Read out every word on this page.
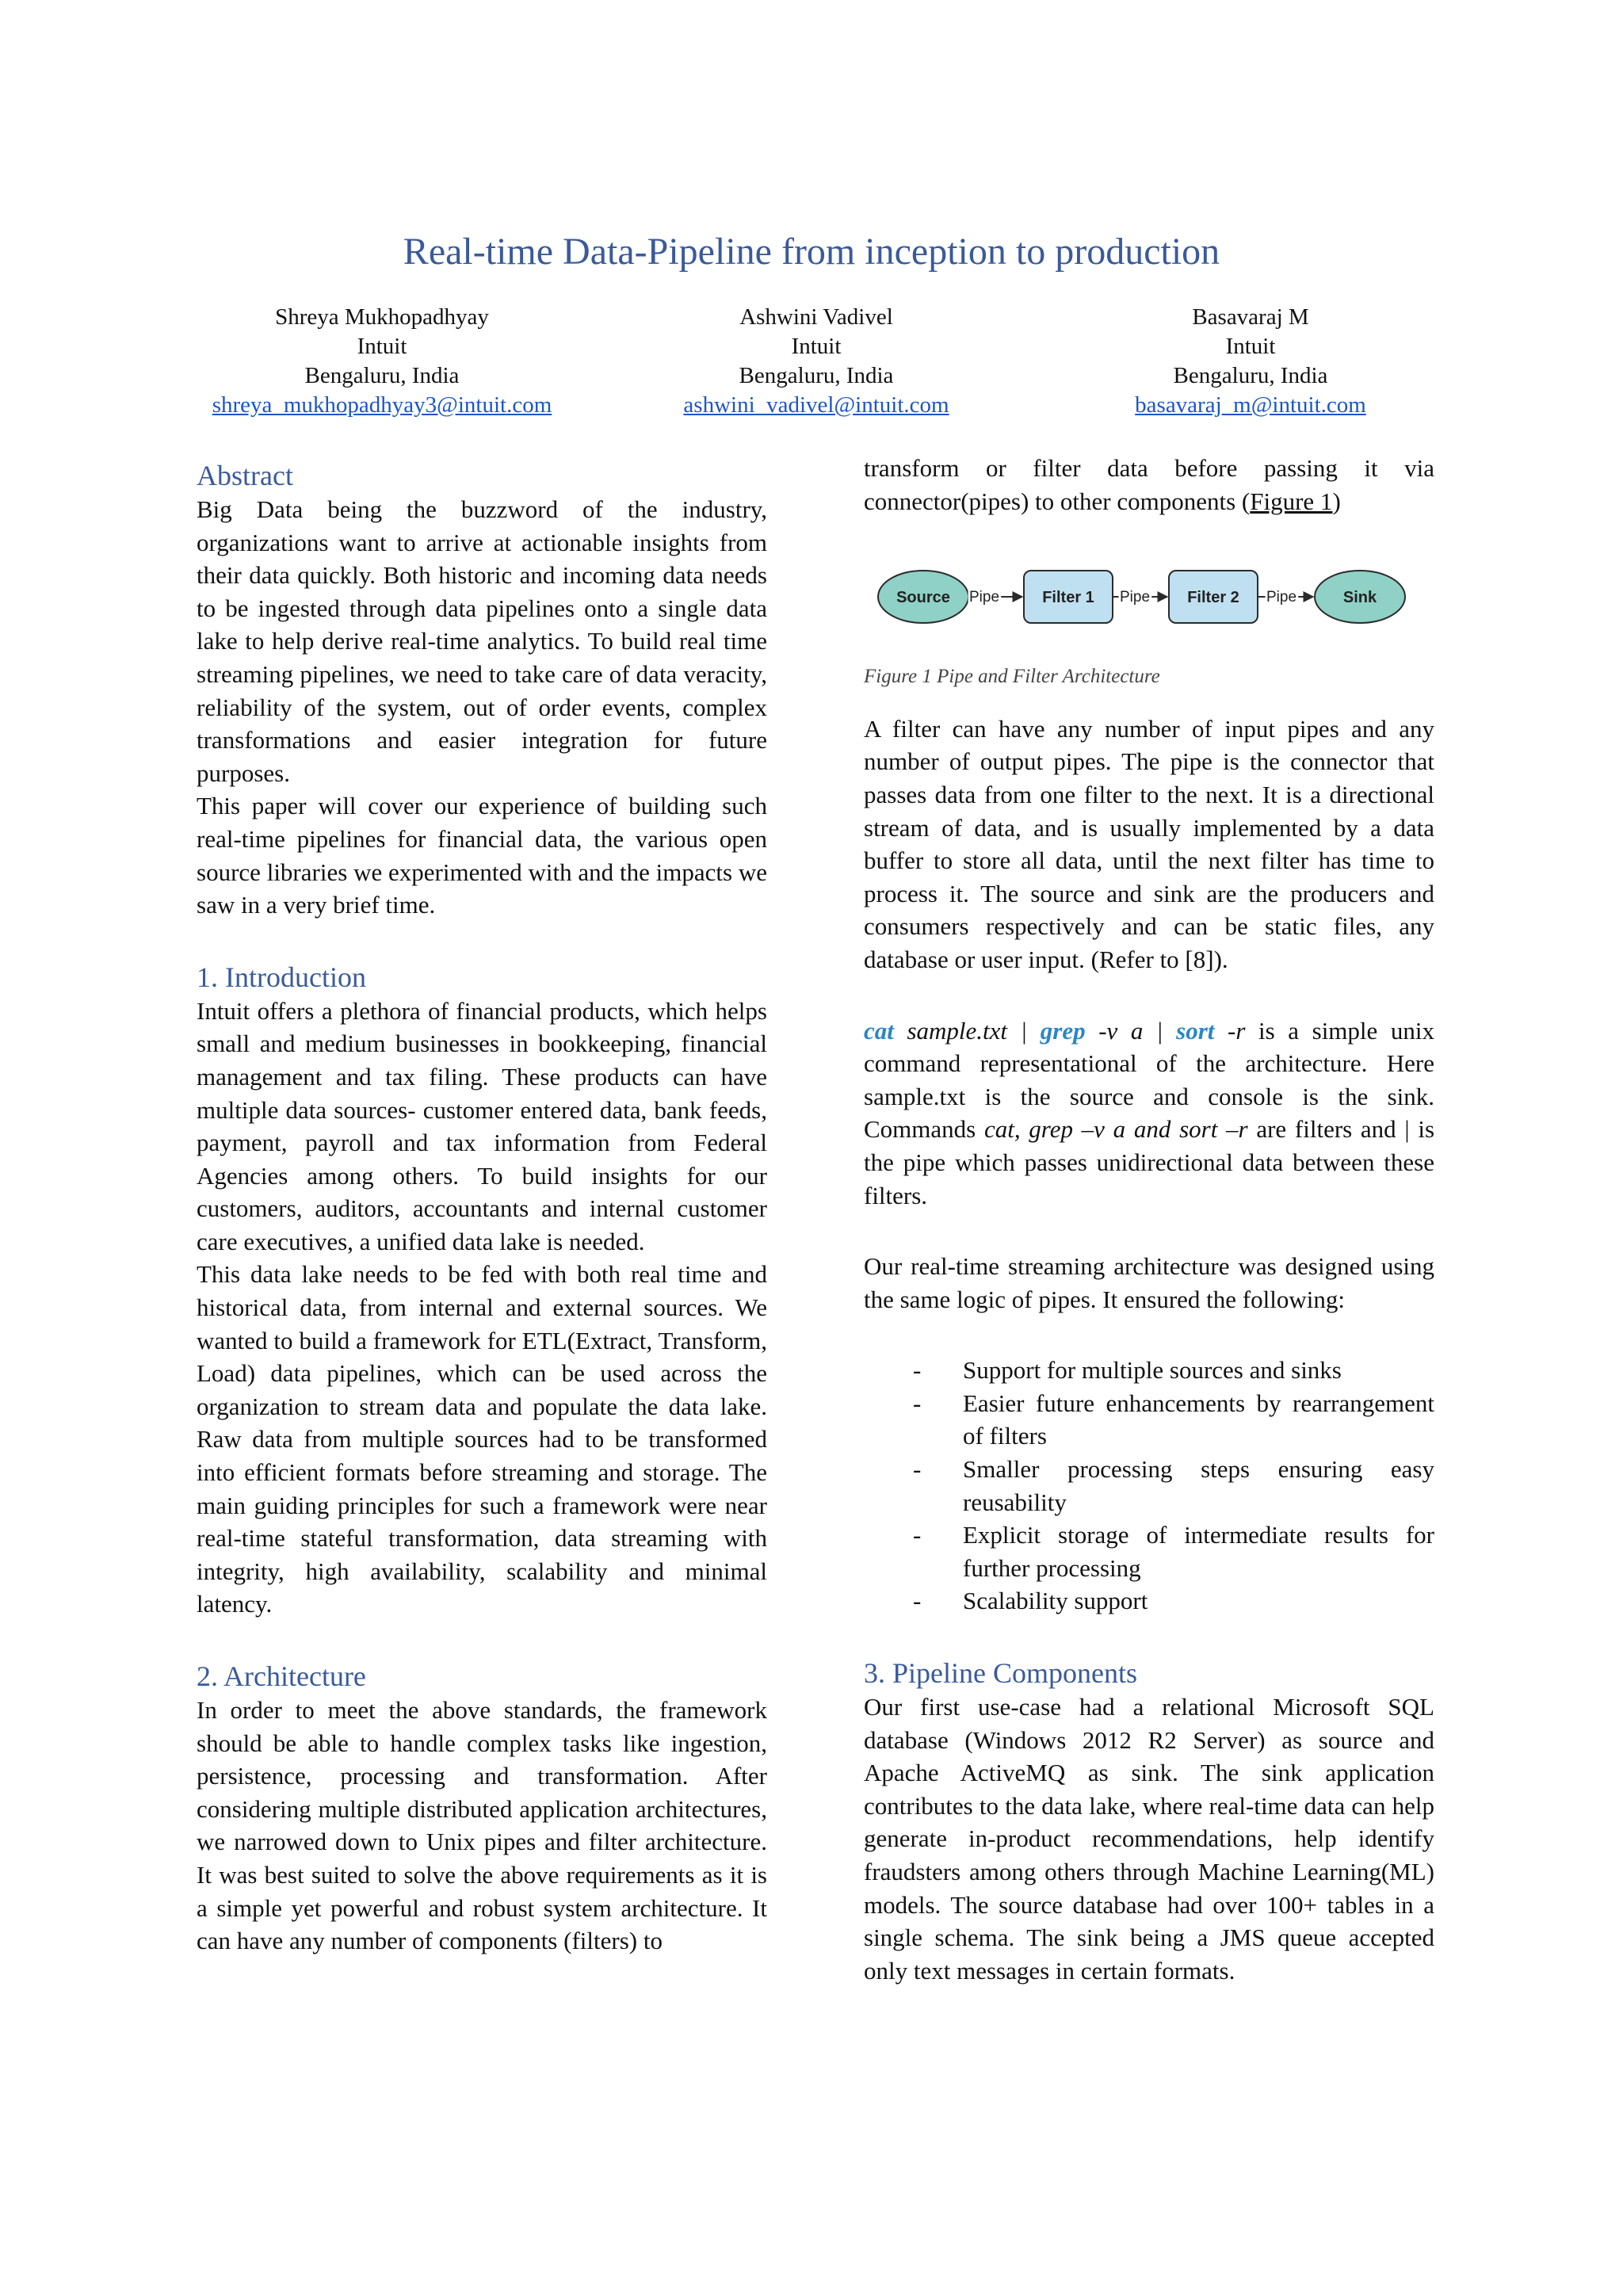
Real-time Data-Pipeline from inception to production
Shreya Mukhopadhyay
Intuit
Bengaluru, India
shreya_mukhopadhyay3@intuit.com
Ashwini Vadivel
Intuit
Bengaluru, India
ashwini_vadivel@intuit.com
Basavaraj M
Intuit
Bengaluru, India
basavaraj_m@intuit.com
Abstract

Big Data being the buzzword of the industry, organizations want to arrive at actionable insights from their data quickly. Both historic and incoming data needs to be ingested through data pipelines onto a single data lake to help derive real-time analytics. To build real time streaming pipelines, we need to take care of data veracity, reliability of the system, out of order events, complex transformations and easier integration for future purposes.

This paper will cover our experience of building such real-time pipelines for financial data, the various open source libraries we experimented with and the impacts we saw in a very brief time.

1. Introduction

Intuit offers a plethora of financial products, which helps small and medium businesses in bookkeeping, financial management and tax filing. These products can have multiple data sources- customer entered data, bank feeds, payment, payroll and tax information from Federal Agencies among others. To build insights for our customers, auditors, accountants and internal customer care executives, a unified data lake is needed.

This data lake needs to be fed with both real time and historical data, from internal and external sources. We wanted to build a framework for ETL(Extract, Transform, Load) data pipelines, which can be used across the organization to stream data and populate the data lake. Raw data from multiple sources had to be transformed into efficient formats before streaming and storage. The main guiding principles for such a framework were near real-time stateful transformation, data streaming with integrity, high availability, scalability and minimal latency.

2. Architecture

In order to meet the above standards, the framework should be able to handle complex tasks like ingestion, persistence, processing and transformation. After considering multiple distributed application architectures, we narrowed down to Unix pipes and filter architecture. It was best suited to solve the above requirements as it is a simple yet powerful and robust system architecture. It can have any number of components (filters) to

transform or filter data before passing it via connector(pipes) to other components (Figure 1)

Source Pipe	Filter 1 Pipe Filter 2 Pipe	Sink

Figure 1 Pipe and Filter Architecture

A filter can have any number of input pipes and any number of output pipes. The pipe is the connector that passes data from one filter to the next. It is a directional stream of data, and is usually implemented by a data buffer to store all data, until the next filter has time to process it. The source and sink are the producers and consumers respectively and can be static files, any database or user input. (Refer to [8]).

cat sample.txt | grep -v a | sort -r is a simple unix command representational of the architecture. Here sample.txt is the source and console is the sink. Commands cat, grep –v a and sort –r are filters and | is the pipe which passes unidirectional data between these filters.

Our real-time streaming architecture was designed using the same logic of pipes. It ensured the following:

- Support for multiple sources and sinks
- Easier future enhancements by rearrangement of filters
- Smaller processing steps ensuring easy reusability
- Explicit storage of intermediate results for further processing
- Scalability support
3. Pipeline Components

Our first use-case had a relational Microsoft SQL database (Windows 2012 R2 Server) as source and Apache ActiveMQ as sink. The sink application contributes to the data lake, where real-time data can help generate in-product recommendations, help identify fraudsters among others through Machine Learning(ML) models. The source database had over 100+ tables in a single schema. The sink being a JMS queue accepted only text messages in certain formats.
